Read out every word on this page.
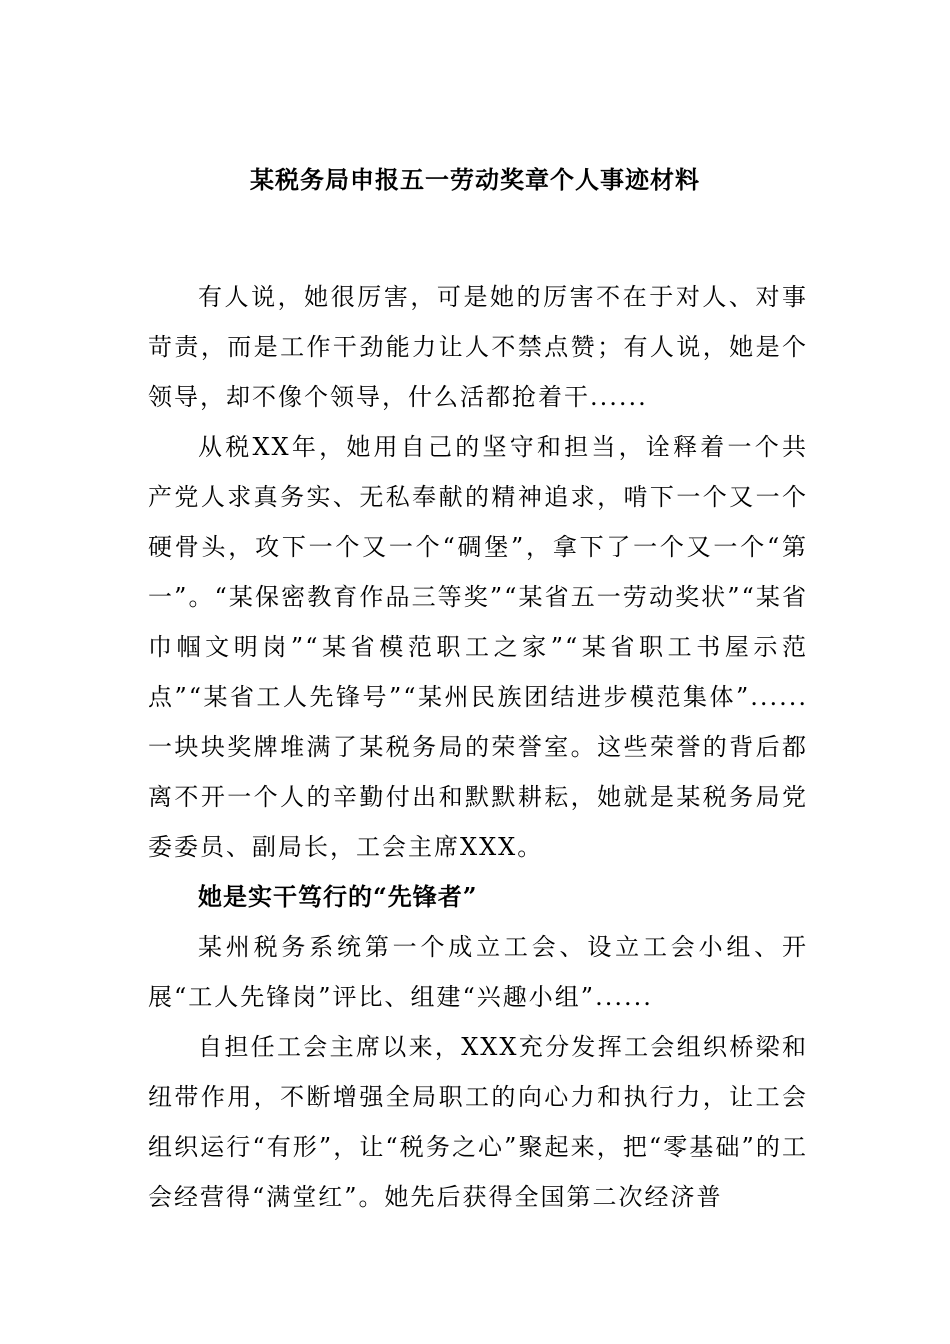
某税务局申报五一劳动奖章个人事迹材料

有人说，她很厉害，可是她的厉害不在于对人、对事苛责，而是工作干劲能力让人不禁点赞；有人说，她是个领导，却不像个领导，什么活都抢着干......

从税XX年，她用自己的坚守和担当，诠释着一个共产党人求真务实、无私奉献的精神追求，啃下一个又一个硬骨头，攻下一个又一个“碉堡”，拿下了一个又一个“第一”。“某保密教育作品三等奖”“某省五一劳动奖状”“某省巾帼文明岗”“某省模范职工之家”“某省职工书屋示范点”“某省工人先锋号”“某州民族团结进步模范集体”......一块块奖牌堆满了某税务局的荣誉室。这些荣誉的背后都离不开一个人的辛勤付出和默默耕耘，她就是某税务局党委委员、副局长，工会主席XXX。

她是实干笃行的“先锋者”

某州税务系统第一个成立工会、设立工会小组、开展“工人先锋岗”评比、组建“兴趣小组”......

自担任工会主席以来，XXX充分发挥工会组织桥梁和纽带作用，不断增强全局职工的向心力和执行力，让工会组织运行“有形”，让“税务之心”聚起来，把“零基础”的工会经营得“满堂红”。她先后获得全国第二次经济普
